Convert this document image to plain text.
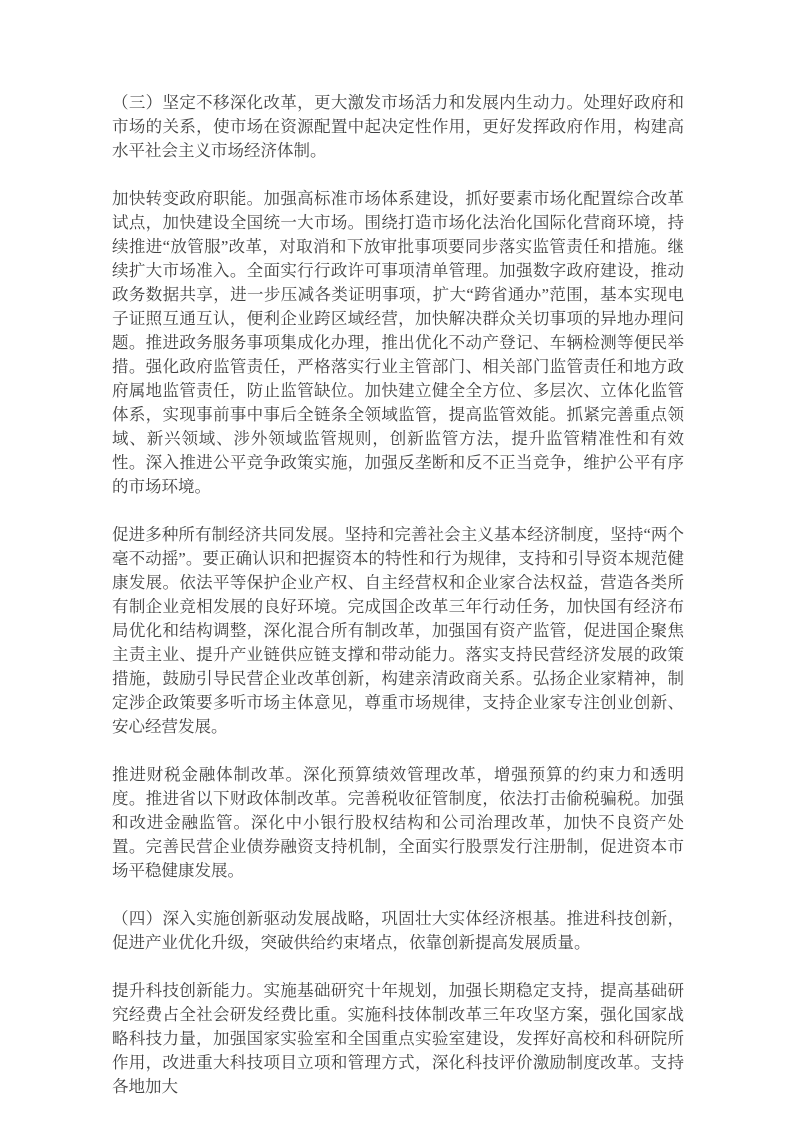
（三）坚定不移深化改革，更大激发市场活力和发展内生动力。处理好政府和市场的关系，使市场在资源配置中起决定性作用，更好发挥政府作用，构建高水平社会主义市场经济体制。

加快转变政府职能。加强高标准市场体系建设，抓好要素市场化配置综合改革试点，加快建设全国统一大市场。围绕打造市场化法治化国际化营商环境，持续推进“放管服”改革，对取消和下放审批事项要同步落实监管责任和措施。继续扩大市场准入。全面实行行政许可事项清单管理。加强数字政府建设，推动政务数据共享，进一步压减各类证明事项，扩大“跨省通办”范围，基本实现电子证照互通互认，便利企业跨区域经营，加快解决群众关切事项的异地办理问题。推进政务服务事项集成化办理，推出优化不动产登记、车辆检测等便民举措。强化政府监管责任，严格落实行业主管部门、相关部门监管责任和地方政府属地监管责任，防止监管缺位。加快建立健全全方位、多层次、立体化监管体系，实现事前事中事后全链条全领域监管，提高监管效能。抓紧完善重点领域、新兴领域、涉外领域监管规则，创新监管方法，提升监管精准性和有效性。深入推进公平竞争政策实施，加强反垄断和反不正当竞争，维护公平有序的市场环境。

促进多种所有制经济共同发展。坚持和完善社会主义基本经济制度，坚持“两个毫不动摇”。要正确认识和把握资本的特性和行为规律，支持和引导资本规范健康发展。依法平等保护企业产权、自主经营权和企业家合法权益，营造各类所有制企业竞相发展的良好环境。完成国企改革三年行动任务，加快国有经济布局优化和结构调整，深化混合所有制改革，加强国有资产监管，促进国企聚焦主责主业、提升产业链供应链支撑和带动能力。落实支持民营经济发展的政策措施，鼓励引导民营企业改革创新，构建亲清政商关系。弘扬企业家精神，制定涉企政策要多听市场主体意见，尊重市场规律，支持企业家专注创业创新、安心经营发展。

推进财税金融体制改革。深化预算绩效管理改革，增强预算的约束力和透明度。推进省以下财政体制改革。完善税收征管制度，依法打击偷税骗税。加强和改进金融监管。深化中小银行股权结构和公司治理改革，加快不良资产处置。完善民营企业债券融资支持机制，全面实行股票发行注册制，促进资本市场平稳健康发展。

（四）深入实施创新驱动发展战略，巩固壮大实体经济根基。推进科技创新，促进产业优化升级，突破供给约束堵点，依靠创新提高发展质量。

提升科技创新能力。实施基础研究十年规划，加强长期稳定支持，提高基础研究经费占全社会研发经费比重。实施科技体制改革三年攻坚方案，强化国家战略科技力量，加强国家实验室和全国重点实验室建设，发挥好高校和科研院所作用，改进重大科技项目立项和管理方式，深化科技评价激励制度改革。支持各地加大
